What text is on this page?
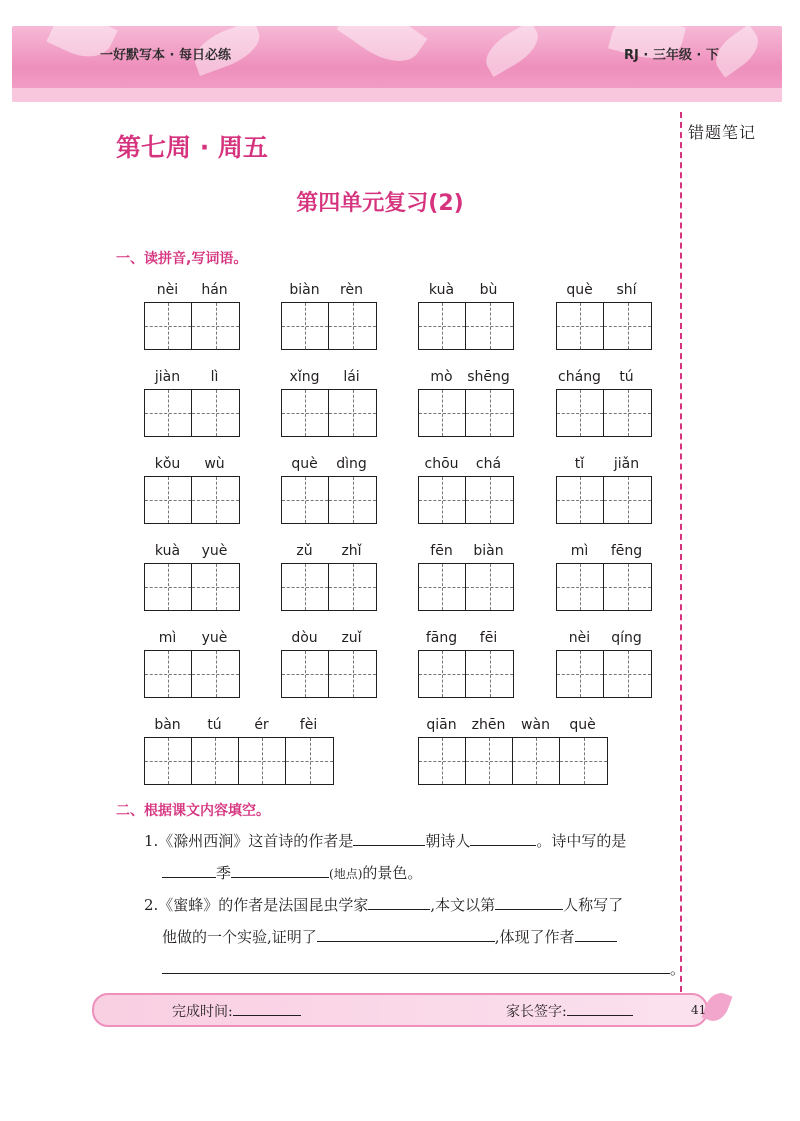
一好默写本 · 每日必练	RJ · 三年级 · 下
错题笔记
第七周 · 周五
第四单元复习(2)
一、读拼音,写词语。
nèi hán	biàn rèn	kuà bù	què shí
jiàn lì	xǐng lái	mò shēng	cháng tú
kǒu wù	què dìng	chōu chá	tǐ jiǎn
kuà yuè	zǔ zhǐ	fēn biàn	mì fēng
mì yuè	dòu zuǐ	fāng fēi	nèi qíng
bàn tú ér fèi	qiān zhēn wàn què
二、根据课文内容填空。
1.《滁州西涧》这首诗的作者是	朝诗人	。诗中写的是
季	(地点)的景色。
2.《蜜蜂》的作者是法国昆虫学家	,本文以第	人称写了
他做的一个实验,证明了	,体现了作者
。
完成时间:	家长签字:	41
